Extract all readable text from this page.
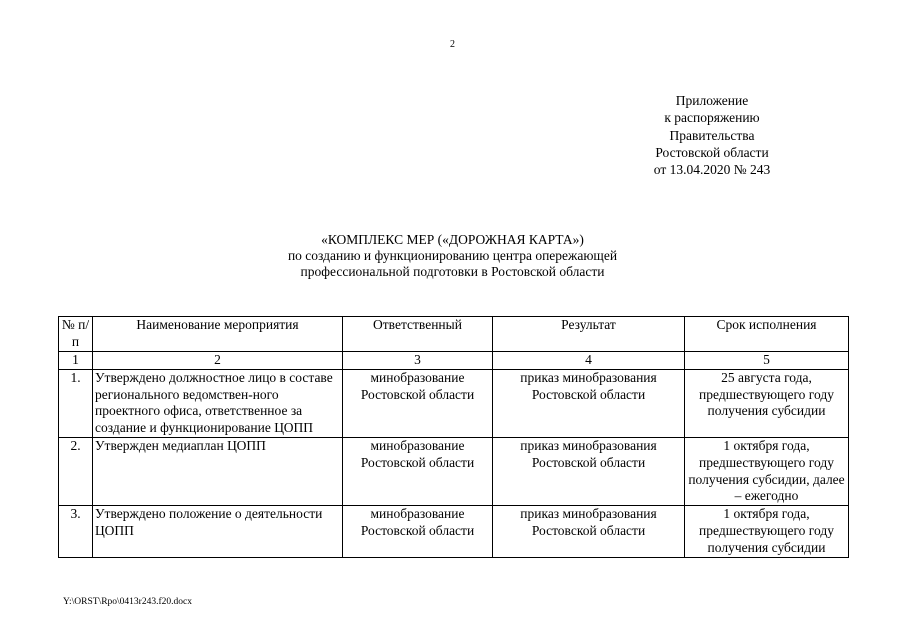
2
Приложение
к распоряжению
Правительства
Ростовской области
от 13.04.2020 № 243
«КОМПЛЕКС МЕР («ДОРОЖНАЯ КАРТА»)
по созданию и функционированию центра опережающей
профессиональной подготовки в Ростовской области
№ п/п	Наименование мероприятия	Ответственный	Результат	Срок исполнения
1	2	3	4	5
1.	Утверждено должностное лицо в составе регионального ведомствен-ного проектного офиса, ответственное за создание и функционирование ЦОПП	минобразование Ростовской области	приказ минобразования Ростовской области	25 августа года, предшествующего году получения субсидии
2.	Утвержден медиаплан ЦОПП	минобразование Ростовской области	приказ минобразования Ростовской области	1 октября года, предшествующего году получения субсидии, далее – ежегодно
3.	Утверждено положение о деятельности ЦОПП	минобразование Ростовской области	приказ минобразования Ростовской области	1 октября года, предшествующего году получения субсидии
Y:\ORST\Rpo\0413r243.f20.docx
